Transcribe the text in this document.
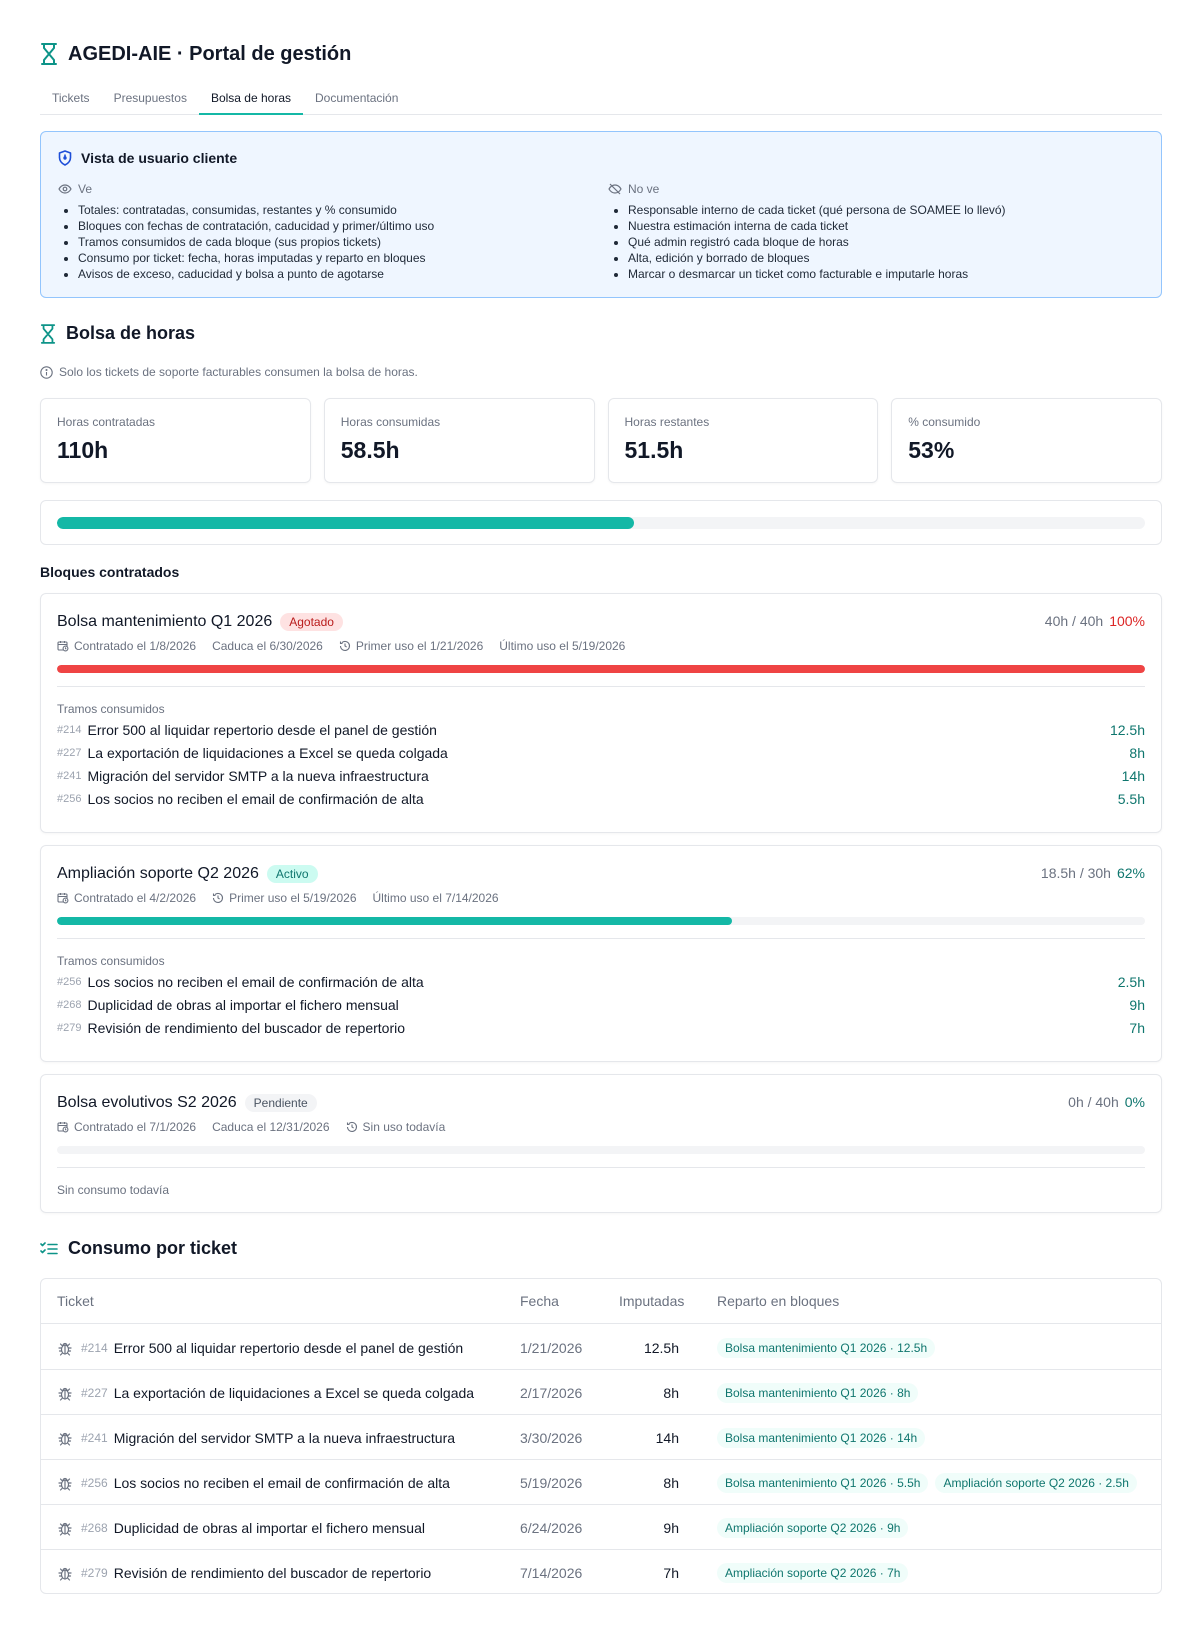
AGEDI-AIE · Portal de gestión
Tickets	Presupuestos	Bolsa de horas	Documentación
Vista de usuario cliente
Ve
• Totales: contratadas, consumidas, restantes y % consumido
• Bloques con fechas de contratación, caducidad y primer/último uso
• Tramos consumidos de cada bloque (sus propios tickets)
• Consumo por ticket: fecha, horas imputadas y reparto en bloques
• Avisos de exceso, caducidad y bolsa a punto de agotarse
No ve
• Responsable interno de cada ticket (qué persona de SOAMEE lo llevó)
• Nuestra estimación interna de cada ticket
• Qué admin registró cada bloque de horas
• Alta, edición y borrado de bloques
• Marcar o desmarcar un ticket como facturable e imputarle horas
Bolsa de horas
Solo los tickets de soporte facturables consumen la bolsa de horas.
Horas contratadas
110h
Horas consumidas
58.5h
Horas restantes
51.5h
% consumido
53%
Bloques contratados
Bolsa mantenimiento Q1 2026	Agotado	40h / 40h 100%
Contratado el 1/8/2026 Caduca el 6/30/2026	Primer uso el 1/21/2026 Último uso el 5/19/2026
Tramos consumidos
#214 Error 500 al liquidar repertorio desde el panel de gestión	12.5h
#227 La exportación de liquidaciones a Excel se queda colgada	8h
#241 Migración del servidor SMTP a la nueva infraestructura	14h
#256 Los socios no reciben el email de confirmación de alta	5.5h
Ampliación soporte Q2 2026	Activo	18.5h / 30h 62%
Contratado el 4/2/2026	Primer uso el 5/19/2026 Último uso el 7/14/2026
Tramos consumidos
#256 Los socios no reciben el email de confirmación de alta	2.5h
#268 Duplicidad de obras al importar el fichero mensual	9h
#279 Revisión de rendimiento del buscador de repertorio	7h
Bolsa evolutivos S2 2026	Pendiente	0h / 40h 0%
Contratado el 7/1/2026 Caduca el 12/31/2026	Sin uso todavía
Sin consumo todavía
Consumo por ticket
Ticket	Fecha	Imputadas Reparto en bloques
#214 Error 500 al liquidar repertorio desde el panel de gestión	1/21/2026	12.5h	Bolsa mantenimiento Q1 2026 · 12.5h
#227 La exportación de liquidaciones a Excel se queda colgada	2/17/2026	8h	Bolsa mantenimiento Q1 2026 · 8h
#241 Migración del servidor SMTP a la nueva infraestructura	3/30/2026	14h	Bolsa mantenimiento Q1 2026 · 14h
#256 Los socios no reciben el email de confirmación de alta	5/19/2026	8h	Bolsa mantenimiento Q1 2026 · 5.5h	Ampliación soporte Q2 2026 · 2.5h
#268 Duplicidad de obras al importar el fichero mensual	6/24/2026	9h	Ampliación soporte Q2 2026 · 9h
#279 Revisión de rendimiento del buscador de repertorio	7/14/2026	7h	Ampliación soporte Q2 2026 · 7h
